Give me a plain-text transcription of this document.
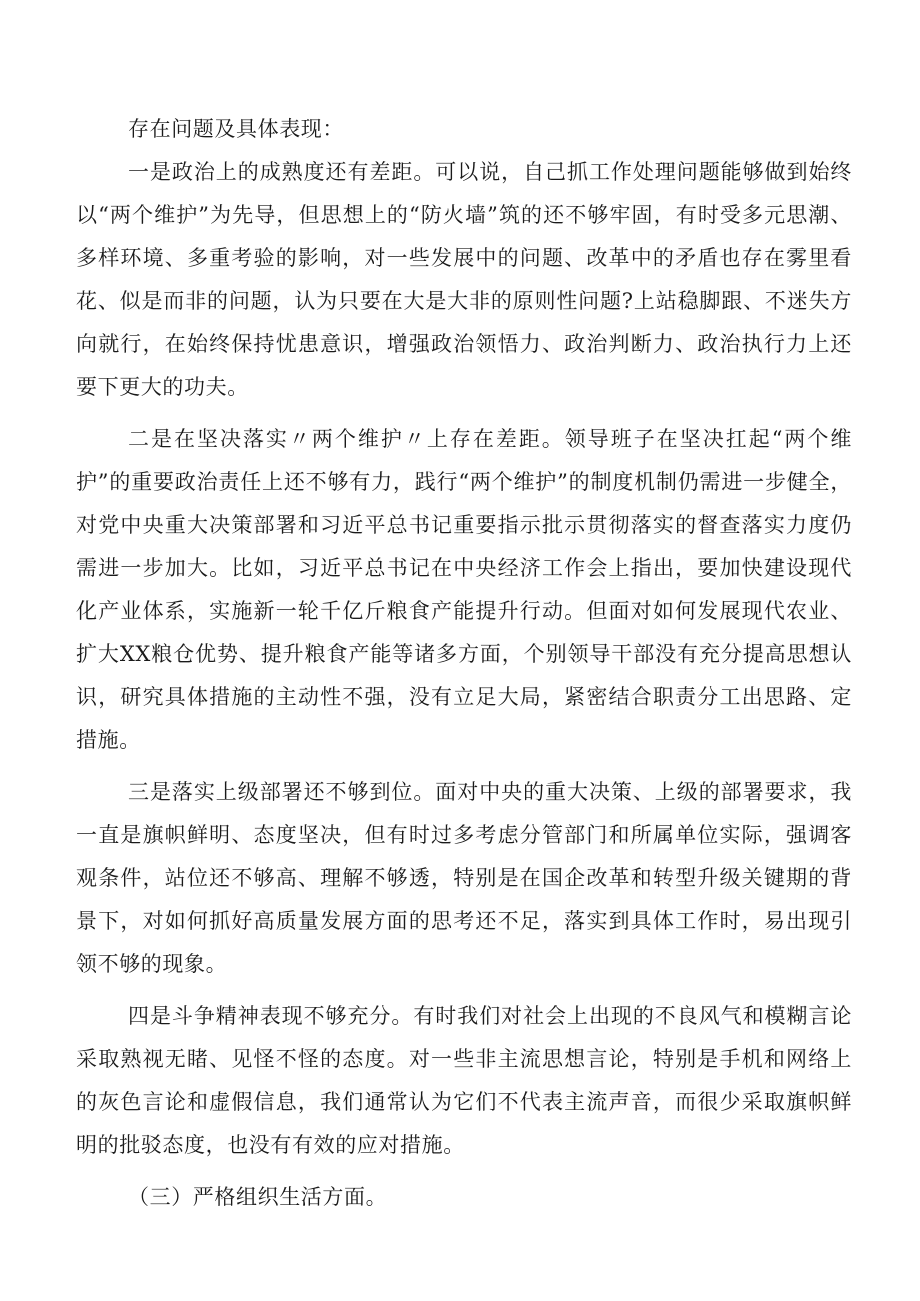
存在问题及具体表现：

一是政治上的成熟度还有差距。可以说，自己抓工作处理问题能够做到始终以“两个维护”为先导，但思想上的“防火墙”筑的还不够牢固，有时受多元思潮、多样环境、多重考验的影响，对一些发展中的问题、改革中的矛盾也存在雾里看花、似是而非的问题，认为只要在大是大非的原则性问题?上站稳脚跟、不迷失方向就行，在始终保持忧患意识，增强政治领悟力、政治判断力、政治执行力上还要下更大的功夫。

二是在坚决落实〃两个维护〃上存在差距。领导班子在坚决扛起“两个维护”的重要政治责任上还不够有力，践行“两个维护”的制度机制仍需进一步健全，对党中央重大决策部署和习近平总书记重要指示批示贯彻落实的督查落实力度仍需进一步加大。比如，习近平总书记在中央经济工作会上指出，要加快建设现代化产业体系，实施新一轮千亿斤粮食产能提升行动。但面对如何发展现代农业、扩大XX粮仓优势、提升粮食产能等诸多方面，个别领导干部没有充分提高思想认识，研究具体措施的主动性不强，没有立足大局，紧密结合职责分工出思路、定措施。

三是落实上级部署还不够到位。面对中央的重大决策、上级的部署要求，我一直是旗帜鲜明、态度坚决，但有时过多考虑分管部门和所属单位实际，强调客观条件，站位还不够高、理解不够透，特别是在国企改革和转型升级关键期的背景下，对如何抓好高质量发展方面的思考还不足，落实到具体工作时，易出现引领不够的现象。

四是斗争精神表现不够充分。有时我们对社会上出现的不良风气和模糊言论采取熟视无睹、见怪不怪的态度。对一些非主流思想言论，特别是手机和网络上的灰色言论和虚假信息，我们通常认为它们不代表主流声音，而很少采取旗帜鲜明的批驳态度，也没有有效的应对措施。

（三）严格组织生活方面。
